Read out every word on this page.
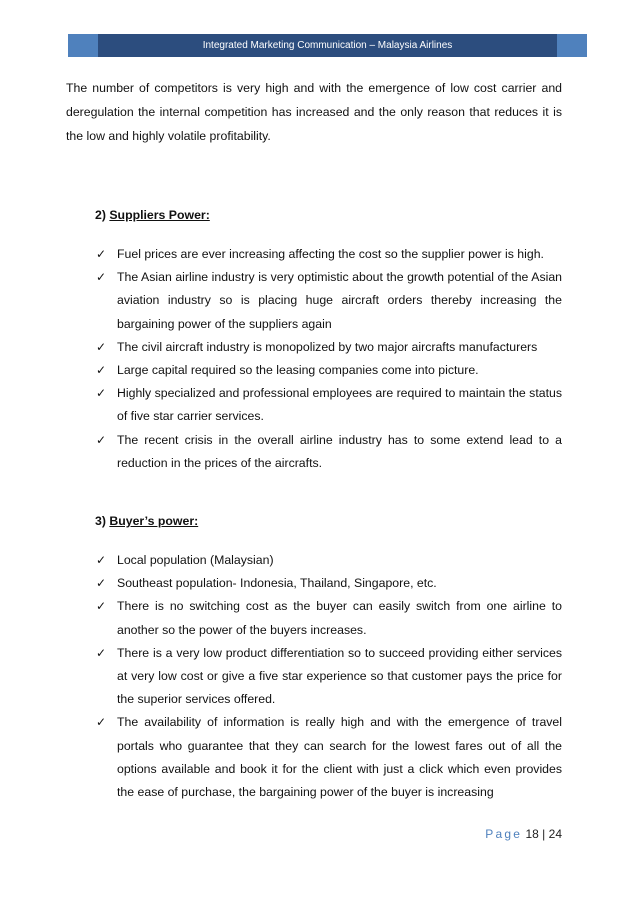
Integrated Marketing Communication – Malaysia Airlines

The number of competitors is very high and with the emergence of low cost carrier and deregulation the internal competition has increased and the only reason that reduces it is the low and highly volatile profitability.

2) Suppliers Power:
✓ Fuel prices are ever increasing affecting the cost so the supplier power is high.
✓ The Asian airline industry is very optimistic about the growth potential of the Asian aviation industry so is placing huge aircraft orders thereby increasing the bargaining power of the suppliers again
✓ The civil aircraft industry is monopolized by two major aircrafts manufacturers
✓ Large capital required so the leasing companies come into picture.
✓ Highly specialized and professional employees are required to maintain the status of five star carrier services.
✓ The recent crisis in the overall airline industry has to some extend lead to a reduction in the prices of the aircrafts.
3) Buyer’s power:
✓ Local population (Malaysian)
✓ Southeast population- Indonesia, Thailand, Singapore, etc.
✓ There is no switching cost as the buyer can easily switch from one airline to another so the power of the buyers increases.
✓ There is a very low product differentiation so to succeed providing either services at very low cost or give a five star experience so that customer pays the price for the superior services offered.
✓ The availability of information is really high and with the emergence of travel portals who guarantee that they can search for the lowest fares out of all the options available and book it for the client with just a click which even provides the ease of purchase, the bargaining power of the buyer is increasing
Page 18 | 24
